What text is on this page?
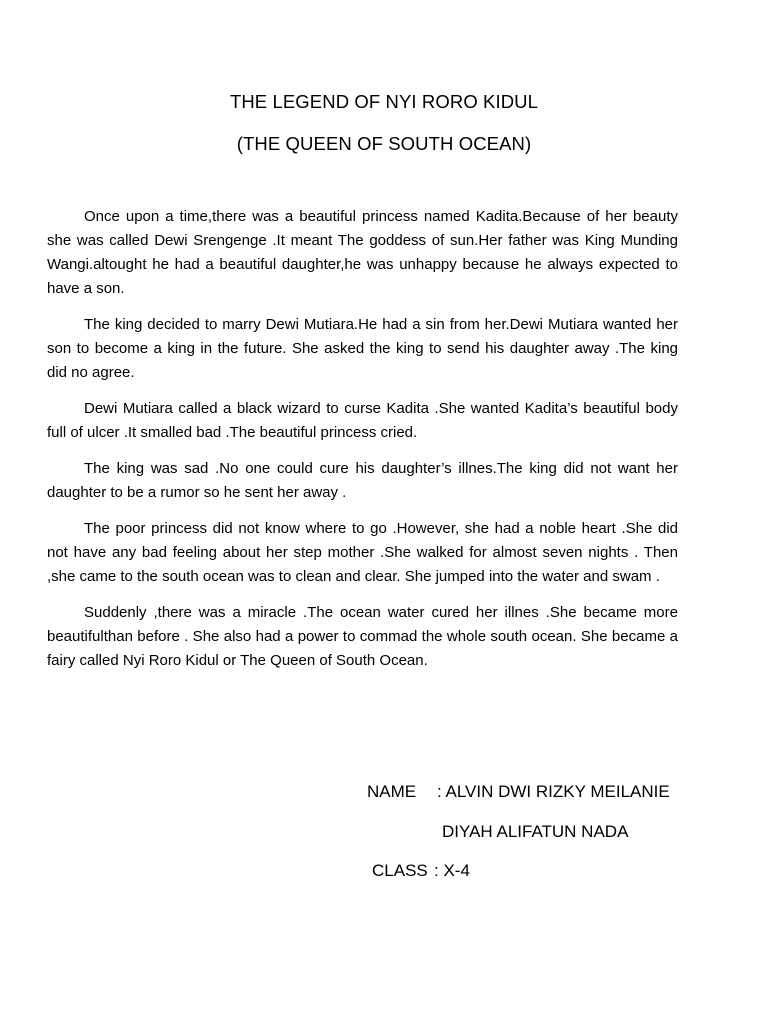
THE LEGEND OF NYI RORO KIDUL
(THE QUEEN OF SOUTH OCEAN)

Once upon a time,there was a beautiful princess named Kadita.Because of her beauty she was called Dewi Srengenge .It meant The goddess of sun.Her father was King Munding Wangi.altought he had a beautiful daughter,he was unhappy because he always expected to have a son.

The king decided to marry Dewi Mutiara.He had a sin from her.Dewi Mutiara wanted her son to become a king in the future. She asked the king to send his daughter away .The king did no agree.

Dewi Mutiara called a black wizard to curse Kadita .She wanted Kadita’s beautiful body full of ulcer .It smalled bad .The beautiful princess cried.

The king was sad .No one could cure his daughter’s illnes.The king did not want her daughter to be a rumor so he sent her away .

The poor princess did not know where to go .However, she had a noble heart .She did not have any bad feeling about her step mother .She walked for almost seven nights . Then ,she came to the south ocean was to clean and clear. She jumped into the water and swam .

Suddenly ,there was a miracle .The ocean water cured her illnes .She became more beautifulthan before . She also had a power to commad the whole south ocean. She became a fairy called Nyi Roro Kidul or The Queen of South Ocean.

NAME : ALVIN DWI RIZKY MEILANIE
DIYAH ALIFATUN NADA
CLASS : X-4
